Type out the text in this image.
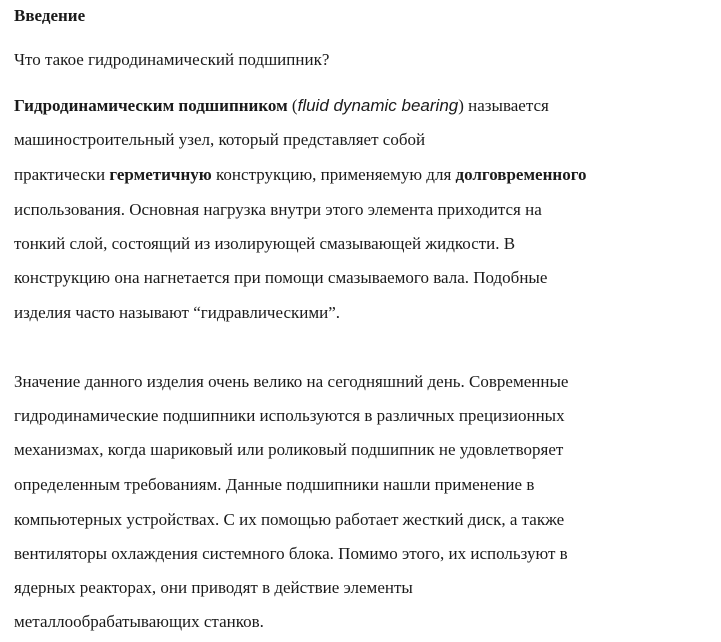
Введение
Что такое гидродинамический подшипник?
Гидродинамическим подшипником (fluid dynamic bearing) называется
машиностроительный узел, который представляет собой
практически герметичную конструкцию, применяемую для долговременного
использования. Основная нагрузка внутри этого элемента приходится на
тонкий слой, состоящий из изолирующей смазывающей жидкости. В
конструкцию она нагнетается при помощи смазываемого вала. Подобные
изделия часто называют “гидравлическими”.
Значение данного изделия очень велико на сегодняшний день. Современные
гидродинамические подшипники используются в различных прецизионных
механизмах, когда шариковый или роликовый подшипник не удовлетворяет
определенным требованиям. Данные подшипники нашли применение в
компьютерных устройствах. С их помощью работает жесткий диск, а также
вентиляторы охлаждения системного блока. Помимо этого, их используют в
ядерных реакторах, они приводят в действие элементы
металлообрабатывающих станков.
